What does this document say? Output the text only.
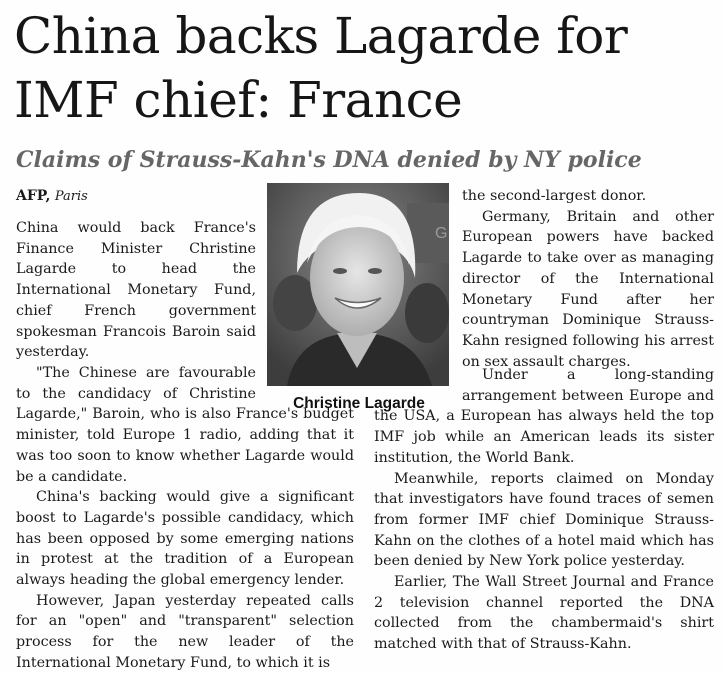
China backs Lagarde for IMF chief: France
Claims of Strauss-Kahn's DNA denied by NY police
AFP, Paris

China would back France's Finance Minister Christine Lagarde to head the International Monetary Fund, chief French government spokesman Francois Baroin said yesterday.

"The Chinese are favourable to the candidacy of Christine Lagarde," Baroin, who is also France's budget minister, told Europe 1 radio, adding that it was too soon to know whether Lagarde would be a candidate.

China's backing would give a significant boost to Lagarde's possible candidacy, which has been opposed by some emerging nations in protest at the tradition of a European always heading the global emergency lender.

However, Japan yesterday repeated calls for an "open" and "transparent" selection process for the new leader of the International Monetary Fund, to which it is

G
Christine Lagarde

the second-largest donor.

Germany, Britain and other European powers have backed Lagarde to take over as managing director of the International Monetary Fund after her countryman Dominique Strauss-Kahn resigned following his arrest on sex assault charges.

Under a long-standing arrangement between Europe and the USA, a European has always held the top IMF job while an American leads its sister institution, the World Bank.

Meanwhile, reports claimed on Monday that investigators have found traces of semen from former IMF chief Dominique Strauss-Kahn on the clothes of a hotel maid which has been denied by New York police yesterday.

Earlier, The Wall Street Journal and France 2 television channel reported the DNA collected from the chambermaid's shirt matched with that of Strauss-Kahn.
